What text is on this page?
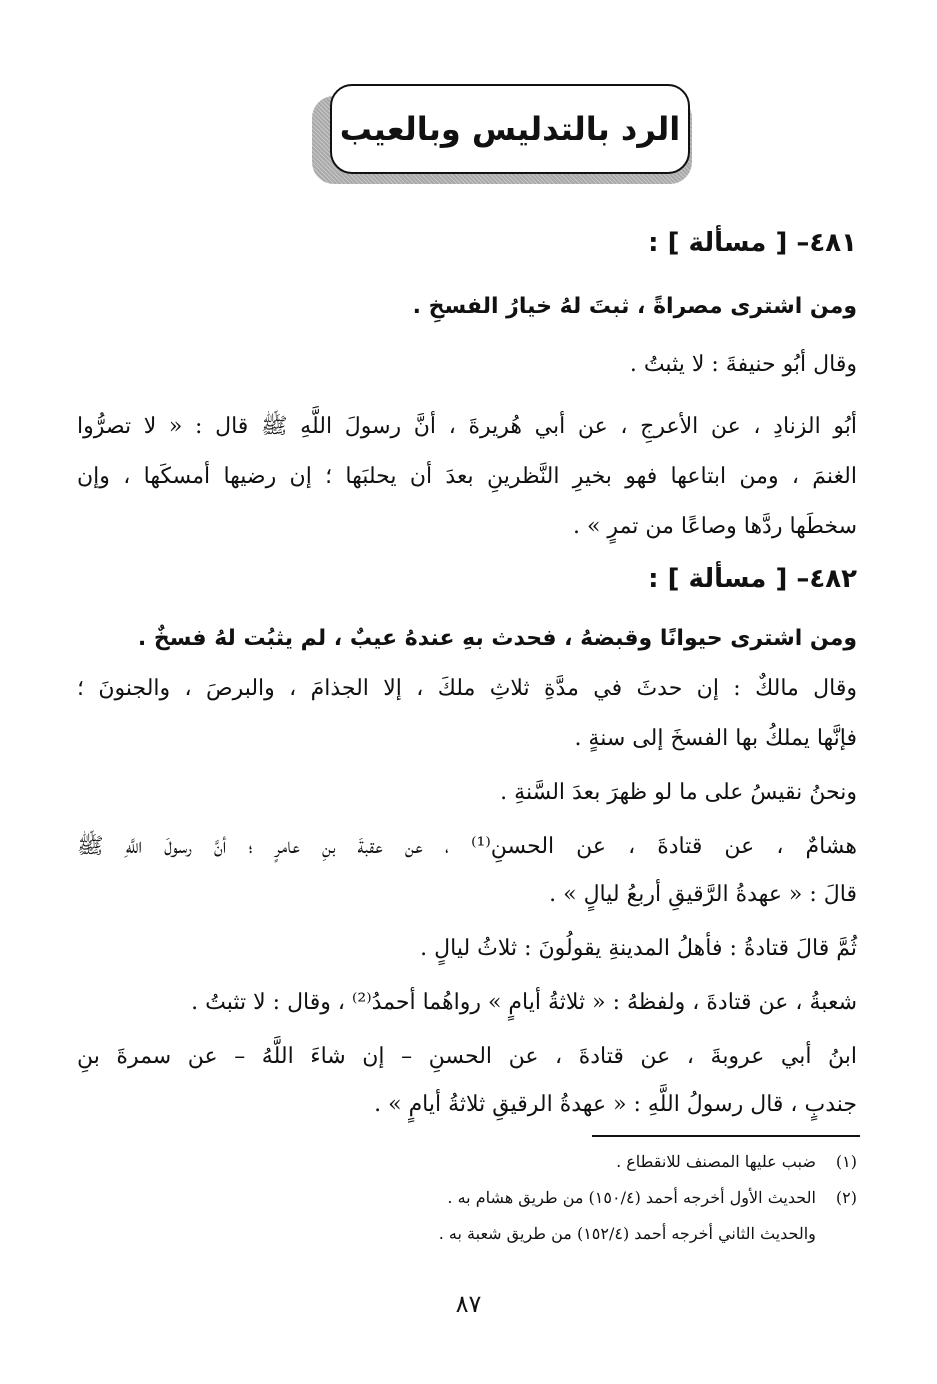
الرد بالتدليس وبالعيب
٤٨١– [ مسألة ] :
ومن اشترى مصراةً ، ثبتَ لهُ خيارُ الفسخِ .
وقال أبُو حنيفةَ : لا يثبتُ .
أبُو الزنادِ ، عن الأعرجِ ، عن أبي هُريرةَ ، أنَّ رسولَ اللَّهِ ﷺ قال : « لا تصرُّوا
الغنمَ ، ومن ابتاعها فهو بخيرِ النَّظرينِ بعدَ أن يحلبَها ؛ إن رضيها أمسكَها ، وإن
سخطَها ردَّها وصاعًا من تمرٍ » .
٤٨٢– [ مسألة ] :
ومن اشترى حيوانًا وقبضهُ ، فحدث بهِ عندهُ عيبٌ ، لم يثبُت لهُ فسخٌ .
وقال مالكٌ : إن حدثَ في مدَّةِ ثلاثِ ملكَ ، إلا الجذامَ ، والبرصَ ، والجنونَ ؛
فإنَّها يملكُ بها الفسخَ إلى سنةٍ .
ونحنُ نقيسُ على ما لو ظهرَ بعدَ السَّنةِ .
هشامٌ ، عن قتادةَ ، عن الحسنِ⁽¹⁾ ، عن عقبةَ بنِ عامرٍ ؛ أنَّ رسولَ اللَّهِ ﷺ
قالَ : « عهدةُ الرَّقيقِ أربعُ ليالٍ » .
ثُمَّ قالَ قتادةُ : فأهلُ المدينةِ يقولُونَ : ثلاثُ ليالٍ .
شعبةُ ، عن قتادةَ ، ولفظهُ : « ثلاثةُ أيامٍ » رواهُما أحمدُ⁽²⁾ ، وقال : لا تثبتُ .
ابنُ أبي عروبةَ ، عن قتادةَ ، عن الحسنِ – إن شاءَ اللَّهُ – عن سمرةَ بنِ
جندبٍ ، قال رسولُ اللَّهِ : « عهدةُ الرقيقِ ثلاثةُ أيامٍ » .
(١) ضبب عليها المصنف للانقطاع .
(٢) الحديث الأول أخرجه أحمد (١٥٠/٤) من طريق هشام به .
والحديث الثاني أخرجه أحمد (١٥٢/٤) من طريق شعبة به .
٨٧
